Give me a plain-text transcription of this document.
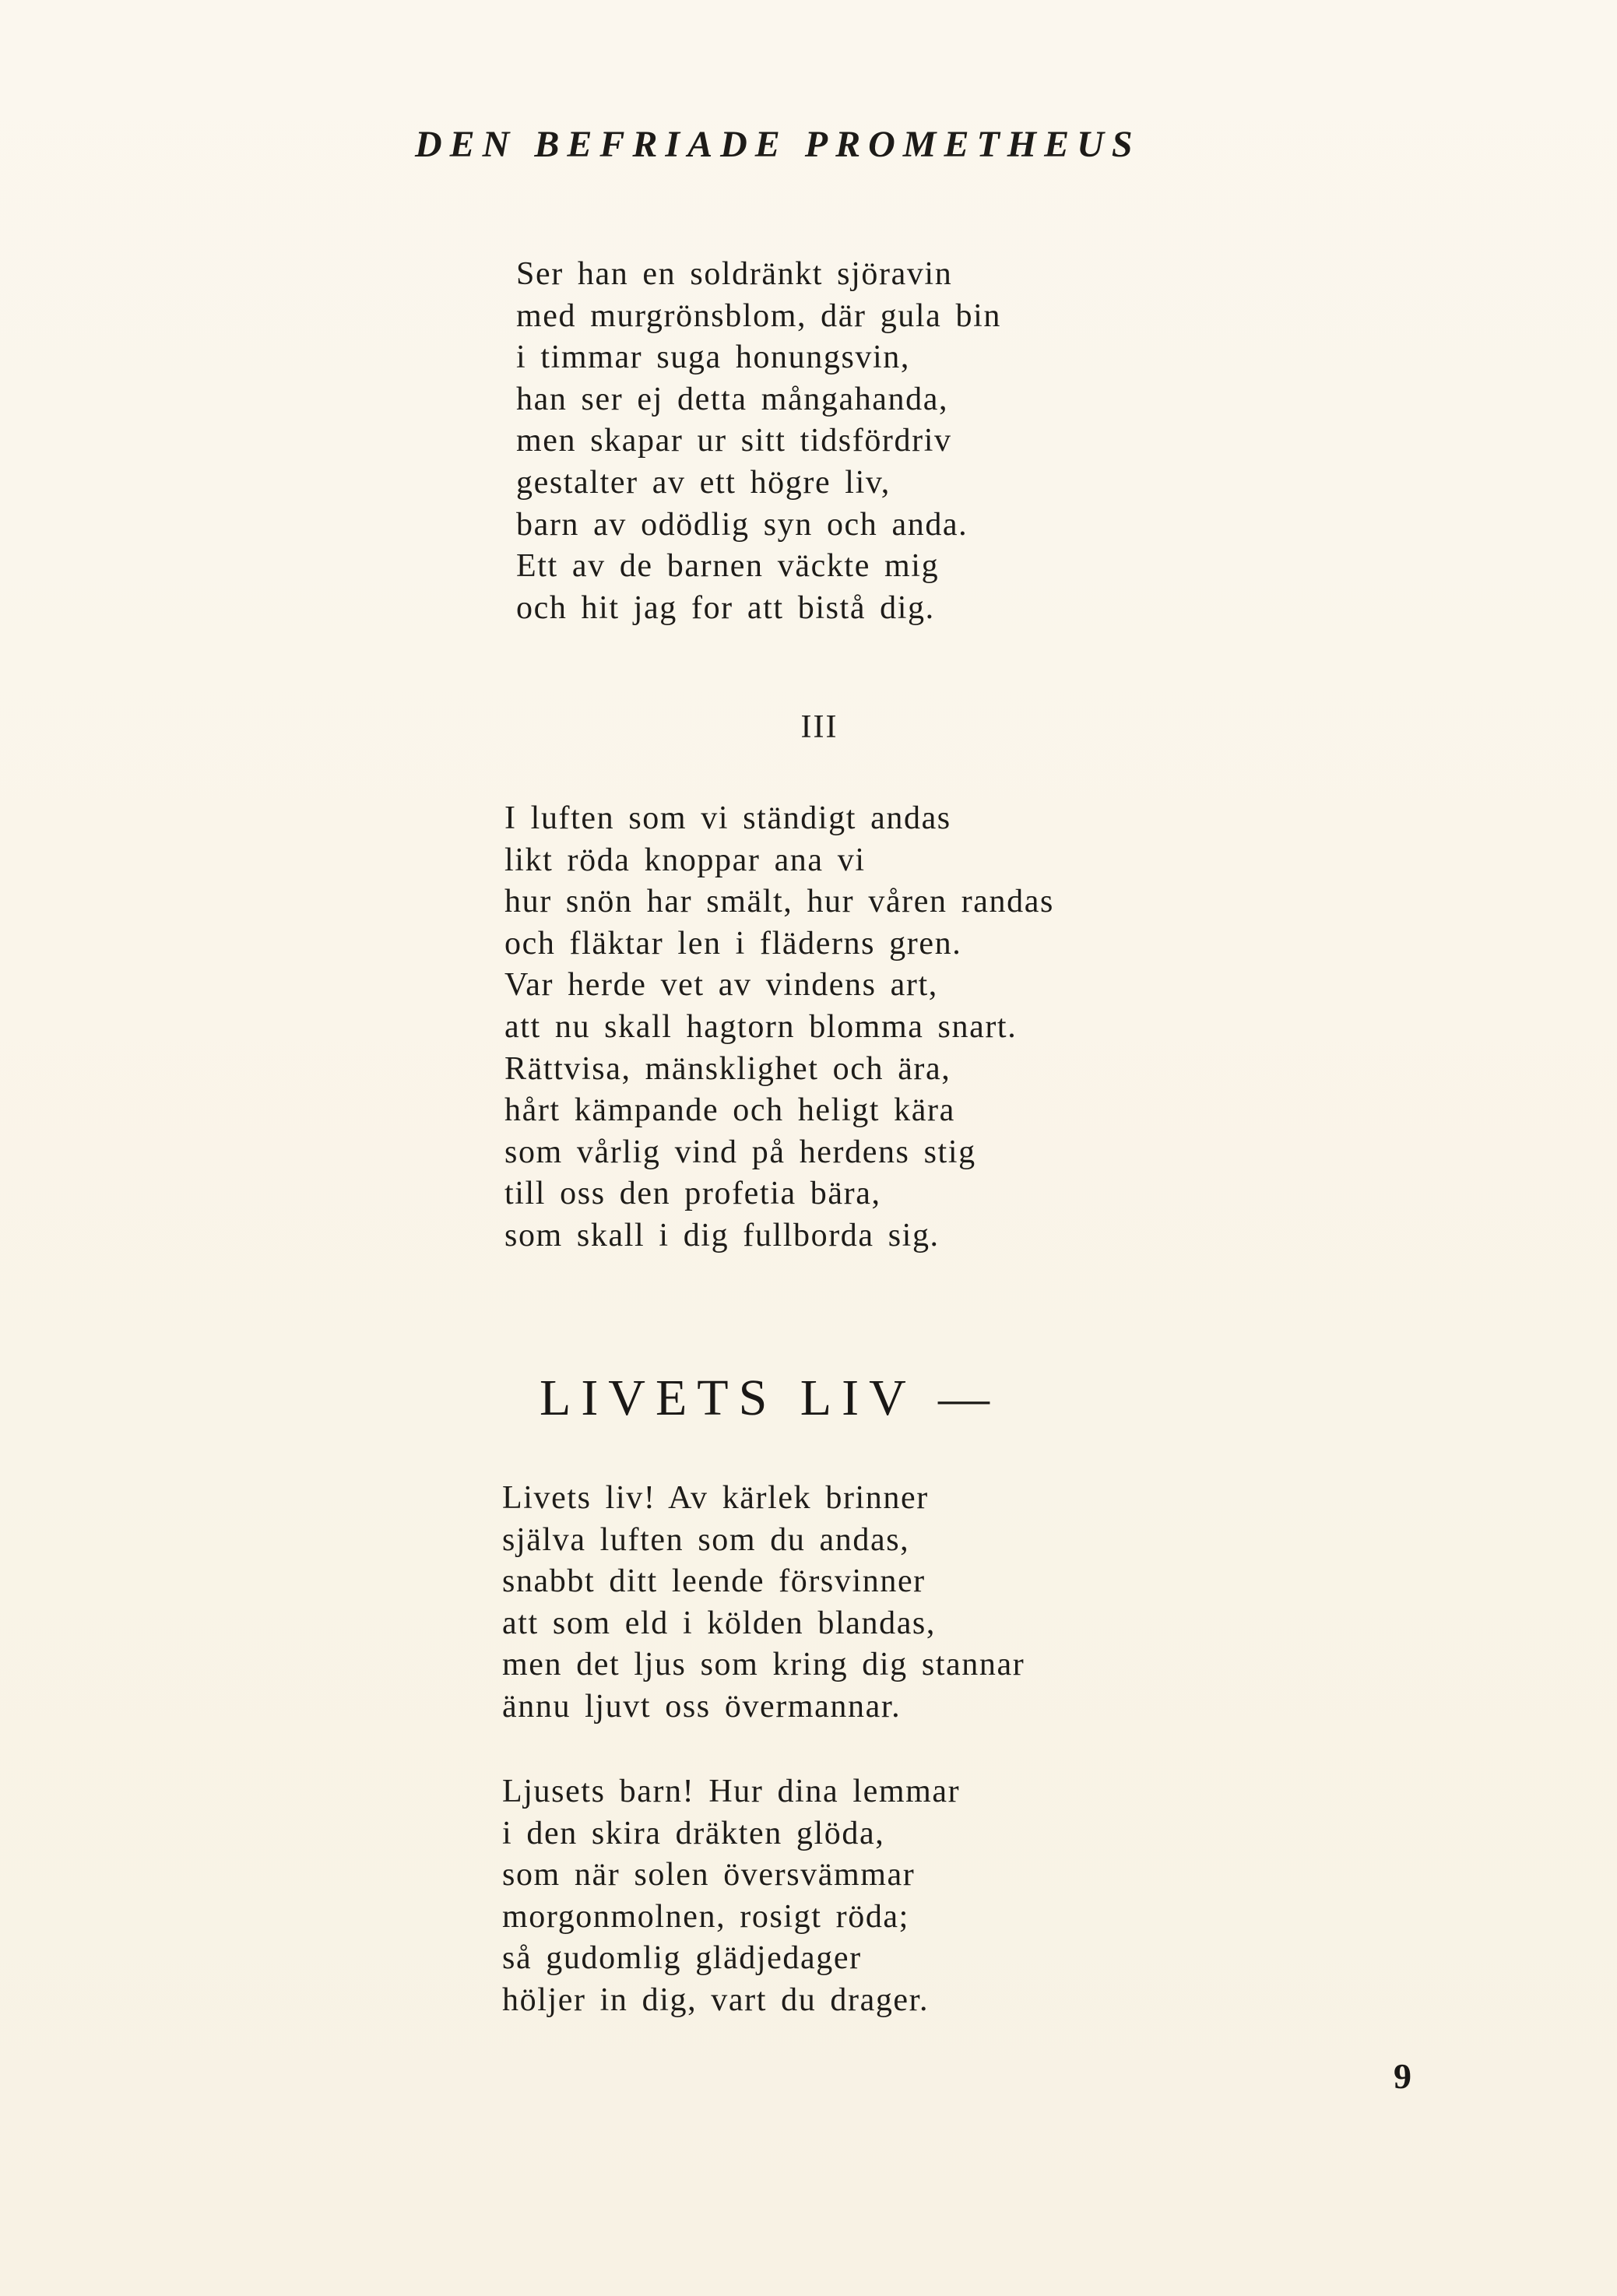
DEN BEFRIADE PROMETHEUS
Ser han en soldränkt sjöravin
med murgrönsblom, där gula bin
i timmar suga honungsvin,
han ser ej detta mångahanda,
men skapar ur sitt tidsfördriv
gestalter av ett högre liv,
barn av odödlig syn och anda.
Ett av de barnen väckte mig
och hit jag for att bistå dig.
III
I luften som vi ständigt andas
likt röda knoppar ana vi
hur snön har smält, hur våren randas
och fläktar len i fläderns gren.
Var herde vet av vindens art,
att nu skall hagtorn blomma snart.
Rättvisa, mänsklighet och ära,
hårt kämpande och heligt kära
som vårlig vind på herdens stig
till oss den profetia bära,
som skall i dig fullborda sig.
LIVETS LIV —
Livets liv! Av kärlek brinner
själva luften som du andas,
snabbt ditt leende försvinner
att som eld i kölden blandas,
men det ljus som kring dig stannar
ännu ljuvt oss övermannar.
Ljusets barn! Hur dina lemmar
i den skira dräkten glöda,
som när solen översvämmar
morgonmolnen, rosigt röda;
så gudomlig glädjedager
höljer in dig, vart du drager.
9
